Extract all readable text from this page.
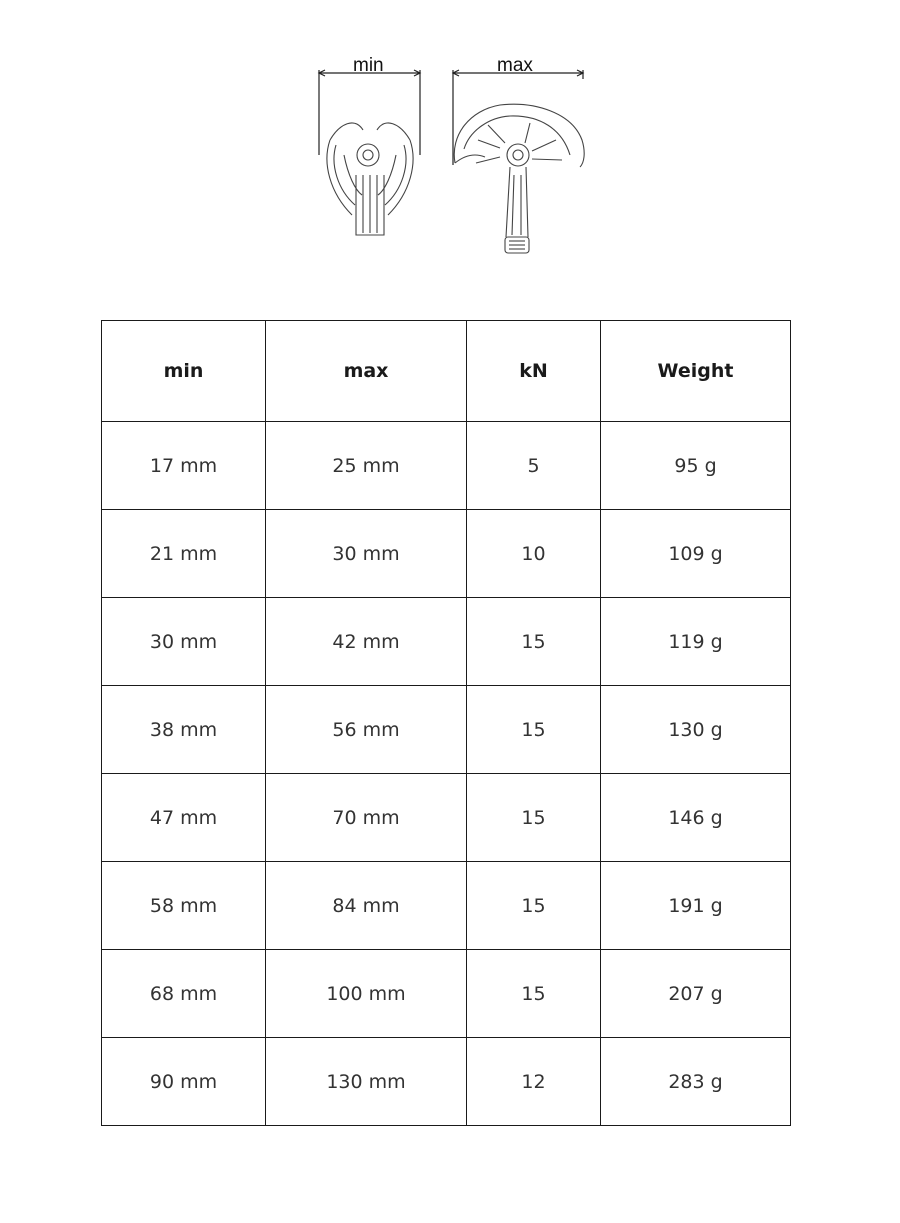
min	max
min	max	kN	Weight
17 mm	25 mm	5	95 g
21 mm	30 mm	10	109 g
30 mm	42 mm	15	119 g
38 mm	56 mm	15	130 g
47 mm	70 mm	15	146 g
58 mm	84 mm	15	191 g
68 mm	100 mm	15	207 g
90 mm	130 mm	12	283 g
